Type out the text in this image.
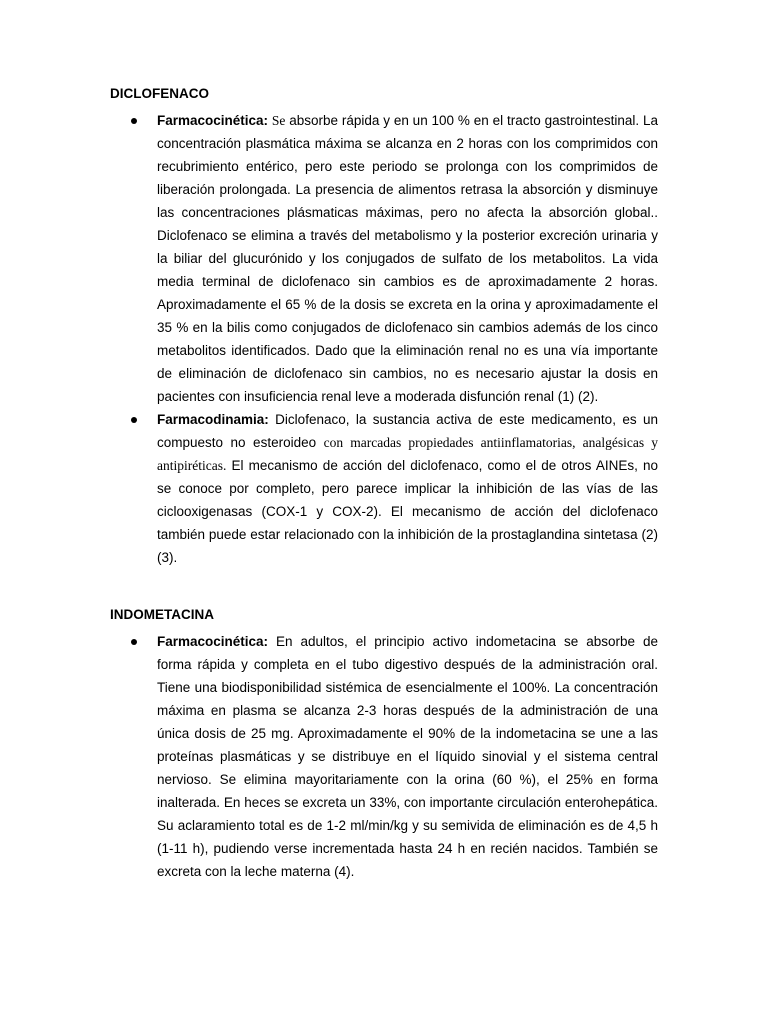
DICLOFENACO
Farmacocinética: Se absorbe rápida y en un 100 % en el tracto gastrointestinal. La concentración plasmática máxima se alcanza en 2 horas con los comprimidos con recubrimiento entérico, pero este periodo se prolonga con los comprimidos de liberación prolongada. La presencia de alimentos retrasa la absorción y disminuye las concentraciones plásmaticas máximas, pero no afecta la absorción global.. Diclofenaco se elimina a través del metabolismo y la posterior excreción urinaria y la biliar del glucurónido y los conjugados de sulfato de los metabolitos. La vida media terminal de diclofenaco sin cambios es de aproximadamente 2 horas. Aproximadamente el 65 % de la dosis se excreta en la orina y aproximadamente el 35 % en la bilis como conjugados de diclofenaco sin cambios además de los cinco metabolitos identificados. Dado que la eliminación renal no es una vía importante de eliminación de diclofenaco sin cambios, no es necesario ajustar la dosis en pacientes con insuficiencia renal leve a moderada disfunción renal (1) (2).
Farmacodinamia: Diclofenaco, la sustancia activa de este medicamento, es un compuesto no esteroideo con marcadas propiedades antiinflamatorias, analgésicas y antipiréticas. El mecanismo de acción del diclofenaco, como el de otros AINEs, no se conoce por completo, pero parece implicar la inhibición de las vías de las ciclooxigenasas (COX-1 y COX-2). El mecanismo de acción del diclofenaco también puede estar relacionado con la inhibición de la prostaglandina sintetasa (2) (3).
INDOMETACINA
Farmacocinética: En adultos, el principio activo indometacina se absorbe de forma rápida y completa en el tubo digestivo después de la administración oral. Tiene una biodisponibilidad sistémica de esencialmente el 100%. La concentración máxima en plasma se alcanza 2-3 horas después de la administración de una única dosis de 25 mg. Aproximadamente el 90% de la indometacina se une a las proteínas plasmáticas y se distribuye en el líquido sinovial y el sistema central nervioso. Se elimina mayoritariamente con la orina (60 %), el 25% en forma inalterada. En heces se excreta un 33%, con importante circulación enterohepática. Su aclaramiento total es de 1-2 ml/min/kg y su semivida de eliminación es de 4,5 h (1-11 h), pudiendo verse incrementada hasta 24 h en recién nacidos. También se excreta con la leche materna (4).
